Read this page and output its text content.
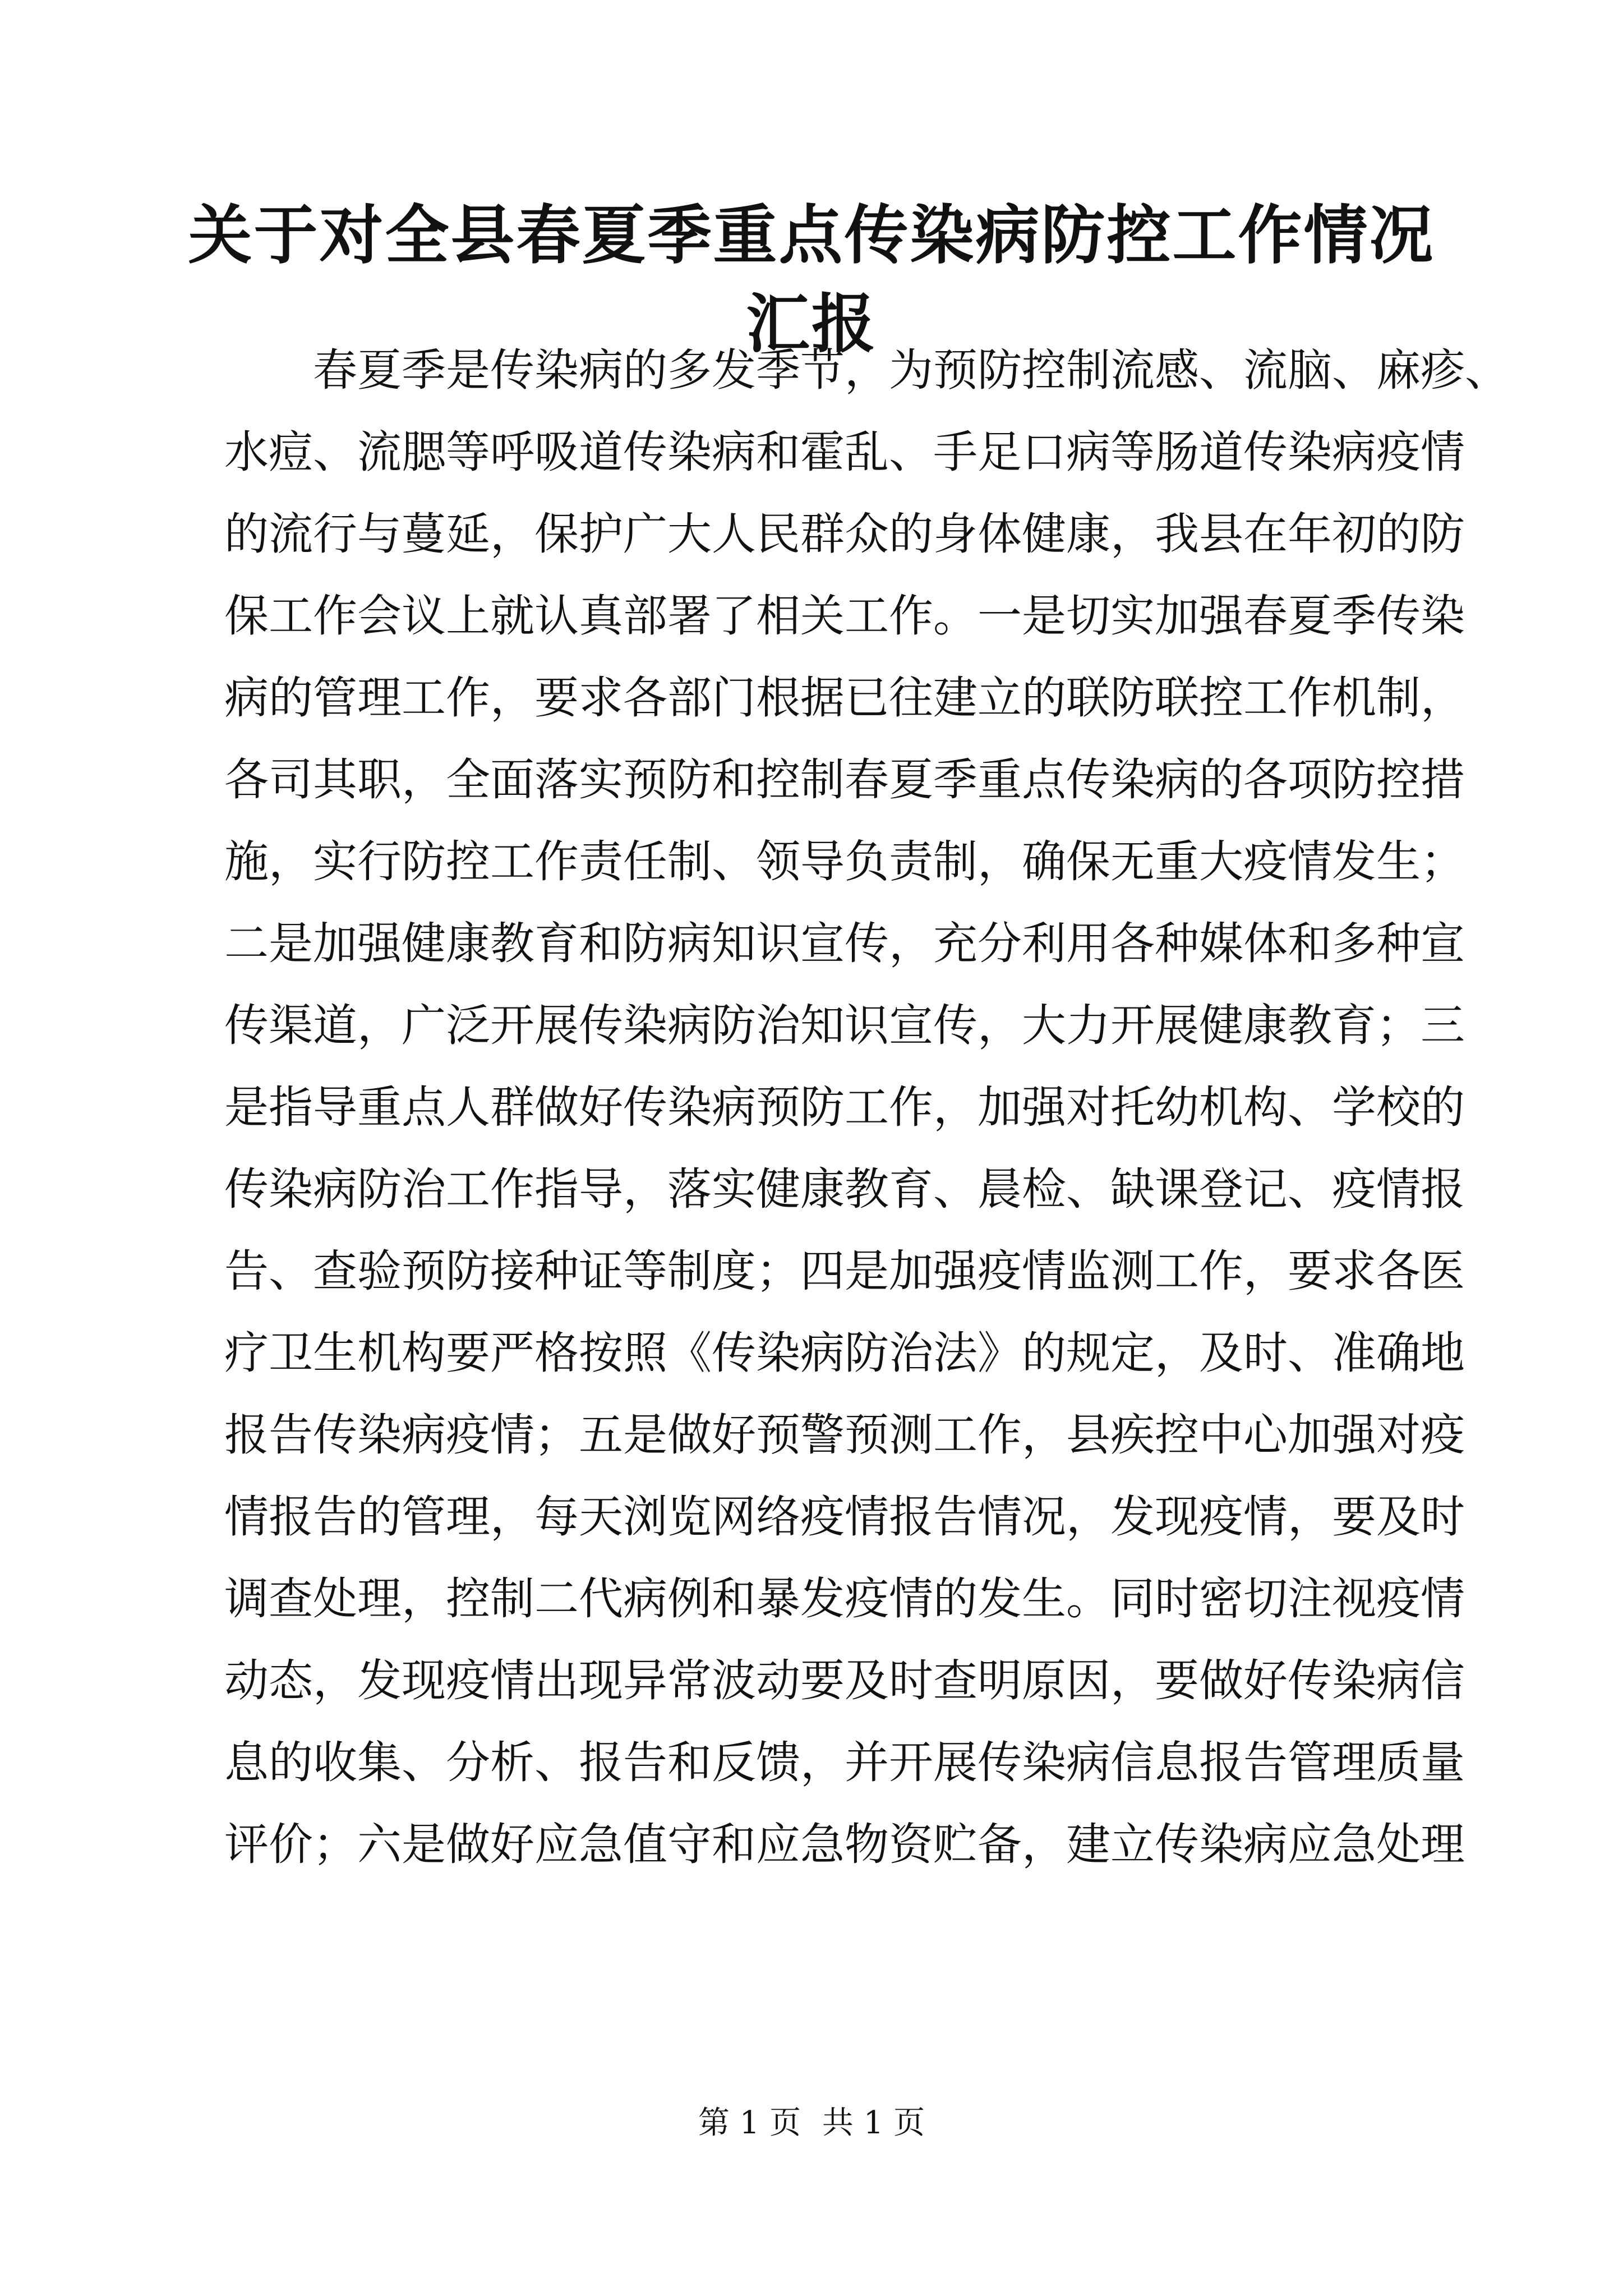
关于对全县春夏季重点传染病防控工作情况汇报
春夏季是传染病的多发季节，为预防控制流感、流脑、麻疹、
水痘、流腮等呼吸道传染病和霍乱、手足口病等肠道传染病疫情
的流行与蔓延，保护广大人民群众的身体健康，我县在年初的防
保工作会议上就认真部署了相关工作。一是切实加强春夏季传染
病的管理工作，要求各部门根据已往建立的联防联控工作机制，
各司其职，全面落实预防和控制春夏季重点传染病的各项防控措
施，实行防控工作责任制、领导负责制，确保无重大疫情发生；
二是加强健康教育和防病知识宣传，充分利用各种媒体和多种宣
传渠道，广泛开展传染病防治知识宣传，大力开展健康教育；三
是指导重点人群做好传染病预防工作，加强对托幼机构、学校的
传染病防治工作指导，落实健康教育、晨检、缺课登记、疫情报
告、查验预防接种证等制度；四是加强疫情监测工作，要求各医
疗卫生机构要严格按照《传染病防治法》的规定，及时、准确地
报告传染病疫情；五是做好预警预测工作，县疾控中心加强对疫
情报告的管理，每天浏览网络疫情报告情况，发现疫情，要及时
调查处理，控制二代病例和暴发疫情的发生。同时密切注视疫情
动态，发现疫情出现异常波动要及时查明原因，要做好传染病信
息的收集、分析、报告和反馈，并开展传染病信息报告管理质量
评价；六是做好应急值守和应急物资贮备，建立传染病应急处理
第 1 页 共 1 页
